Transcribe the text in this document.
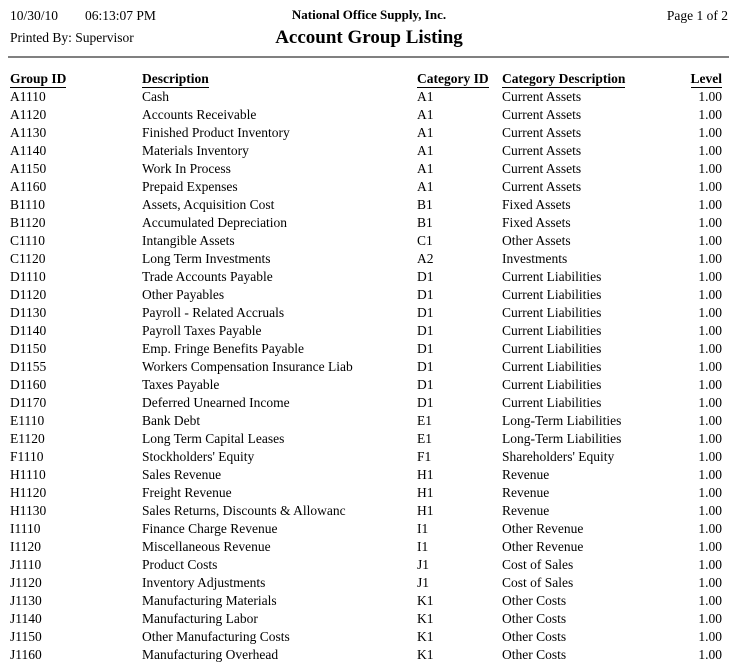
10/30/10 06:13:07 PM	National Office Supply, Inc.	Page 1 of 2
Printed By: Supervisor	Account Group Listing
Group ID	Description	Category ID Category Description	Level
A1110	Cash	A1	Current Assets	1.00
A1120	Accounts Receivable	A1	Current Assets	1.00
A1130	Finished Product Inventory	A1	Current Assets	1.00
A1140	Materials Inventory	A1	Current Assets	1.00
A1150	Work In Process	A1	Current Assets	1.00
A1160	Prepaid Expenses	A1	Current Assets	1.00
B1110	Assets, Acquisition Cost	B1	Fixed Assets	1.00
B1120	Accumulated Depreciation	B1	Fixed Assets	1.00
C1110	Intangible Assets	C1	Other Assets	1.00
C1120	Long Term Investments	A2	Investments	1.00
D1110	Trade Accounts Payable	D1	Current Liabilities	1.00
D1120	Other Payables	D1	Current Liabilities	1.00
D1130	Payroll - Related Accruals	D1	Current Liabilities	1.00
D1140	Payroll Taxes Payable	D1	Current Liabilities	1.00
D1150	Emp. Fringe Benefits Payable	D1	Current Liabilities	1.00
D1155	Workers Compensation Insurance Liab	D1	Current Liabilities	1.00
D1160	Taxes Payable	D1	Current Liabilities	1.00
D1170	Deferred Unearned Income	D1	Current Liabilities	1.00
E1110	Bank Debt	E1	Long-Term Liabilities	1.00
E1120	Long Term Capital Leases	E1	Long-Term Liabilities	1.00
F1110	Stockholders' Equity	F1	Shareholders' Equity	1.00
H1110	Sales Revenue	H1	Revenue	1.00
H1120	Freight Revenue	H1	Revenue	1.00
H1130	Sales Returns, Discounts & Allowanc	H1	Revenue	1.00
I1110	Finance Charge Revenue	I1	Other Revenue	1.00
I1120	Miscellaneous Revenue	I1	Other Revenue	1.00
J1110	Product Costs	J1	Cost of Sales	1.00
J1120	Inventory Adjustments	J1	Cost of Sales	1.00
J1130	Manufacturing Materials	K1	Other Costs	1.00
J1140	Manufacturing Labor	K1	Other Costs	1.00
J1150	Other Manufacturing Costs	K1	Other Costs	1.00
J1160	Manufacturing Overhead	K1	Other Costs	1.00
